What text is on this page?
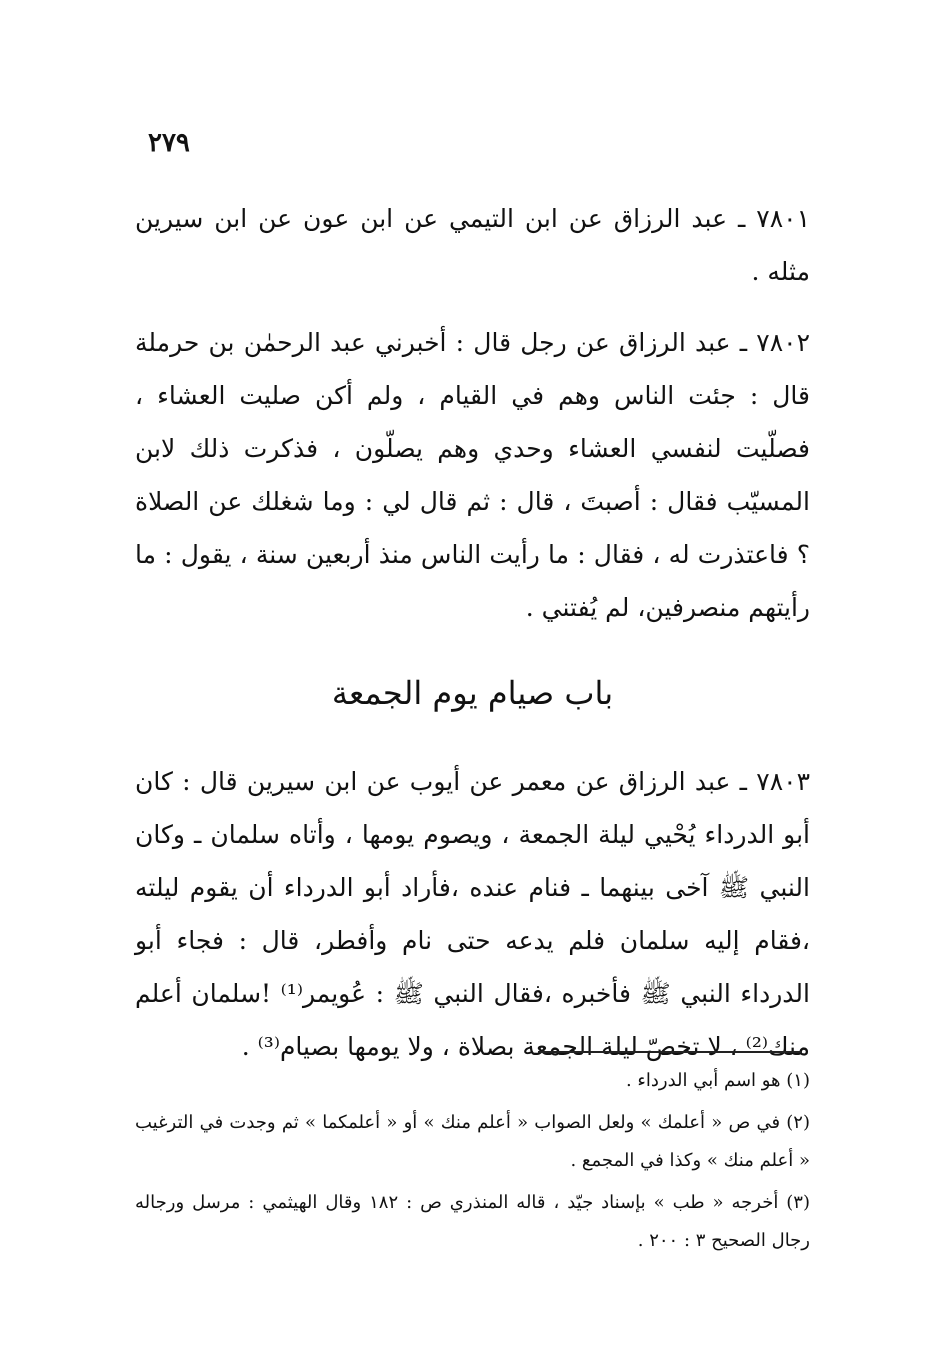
٢٧٩

٧٨٠١ ـ عبد الرزاق عن ابن التيمي عن ابن عون عن ابن سيرين مثله .

٧٨٠٢ ـ عبد الرزاق عن رجل قال : أخبرني عبد الرحمٰن بن حرملة قال : جئت الناس وهم في القيام ، ولم أكن صليت العشاء ، فصلّيت لنفسي العشاء وحدي وهم يصلّون ، فذكرت ذلك لابن المسيّب فقال : أصبتَ ، قال : ثم قال لي : وما شغلك عن الصلاة ؟ فاعتذرت له ، فقال : ما رأيت الناس منذ أربعين سنة ، يقول : ما رأيتهم منصرفين، لم يُفتني .

باب صيام يوم الجمعة

٧٨٠٣ ـ عبد الرزاق عن معمر عن أيوب عن ابن سيرين قال : كان أبو الدرداء يُحْيي ليلة الجمعة ، ويصوم يومها ، وأتاه سلمان ـ وكان النبي ﷺ آخى بينهما ـ فنام عنده ،فأراد أبو الدرداء أن يقوم ليلته ،فقام إليه سلمان فلم يدعه حتى نام وأفطر، قال : فجاء أبو الدرداء النبي ﷺ فأخبره ،فقال النبي ﷺ : عُويمر⁽¹⁾ !سلمان أعلم منك⁽²⁾ ، لا تخصّ ليلة الجمعة بصلاة ، ولا يومها بصيام⁽³⁾ .

(١) هو اسم أبي الدرداء .

(٢) في ص « أعلمك » ولعل الصواب « أعلم منك » أو « أعلمكما » ثم وجدت في الترغيب « أعلم منك » وكذا في المجمع .

(٣) أخرجه « طب » بإسناد جيّد ، قاله المنذري ص : ١٨٢ وقال الهيثمي : مرسل ورجاله رجال الصحيح ٣ : ٢٠٠ .
